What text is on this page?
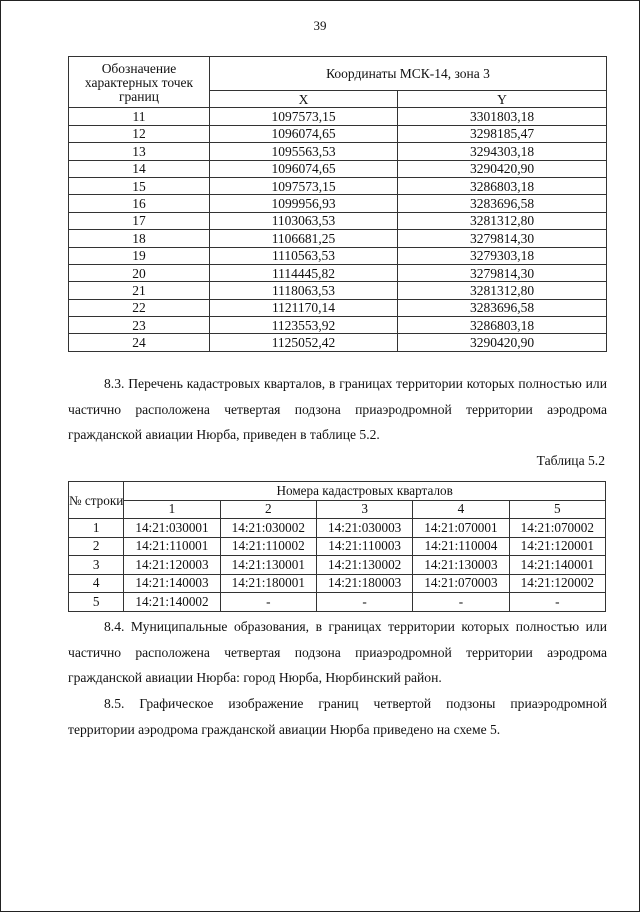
39
Обозначение характерных точек границ	Координаты МСК-14, зона 3	
	X	Y
11	1097573,15	3301803,18
12	1096074,65	3298185,47
13	1095563,53	3294303,18
14	1096074,65	3290420,90
15	1097573,15	3286803,18
16	1099956,93	3283696,58
17	1103063,53	3281312,80
18	1106681,25	3279814,30
19	1110563,53	3279303,18
20	1114445,82	3279814,30
21	1118063,53	3281312,80
22	1121170,14	3283696,58
23	1123553,92	3286803,18
24	1125052,42	3290420,90
8.3. Перечень кадастровых кварталов, в границах территории которых полностью или частично расположена четвертая подзона приаэродромной территории аэродрома гражданской авиации Нюрба, приведен в таблице 5.2.
Таблица 5.2
№ строки	Номера кадастровых кварталов				
	1	2	3	4	5
1	14:21:030001	14:21:030002	14:21:030003	14:21:070001	14:21:070002
2	14:21:110001	14:21:110002	14:21:110003	14:21:110004	14:21:120001
3	14:21:120003	14:21:130001	14:21:130002	14:21:130003	14:21:140001
4	14:21:140003	14:21:180001	14:21:180003	14:21:070003	14:21:120002
5	14:21:140002	-	-	-	-
8.4. Муниципальные образования, в границах территории которых полностью или частично расположена четвертая подзона приаэродромной территории аэродрома гражданской авиации Нюрба: город Нюрба, Нюрбинский район.
8.5. Графическое изображение границ четвертой подзоны приаэродромной территории аэродрома гражданской авиации Нюрба приведено на схеме 5.
